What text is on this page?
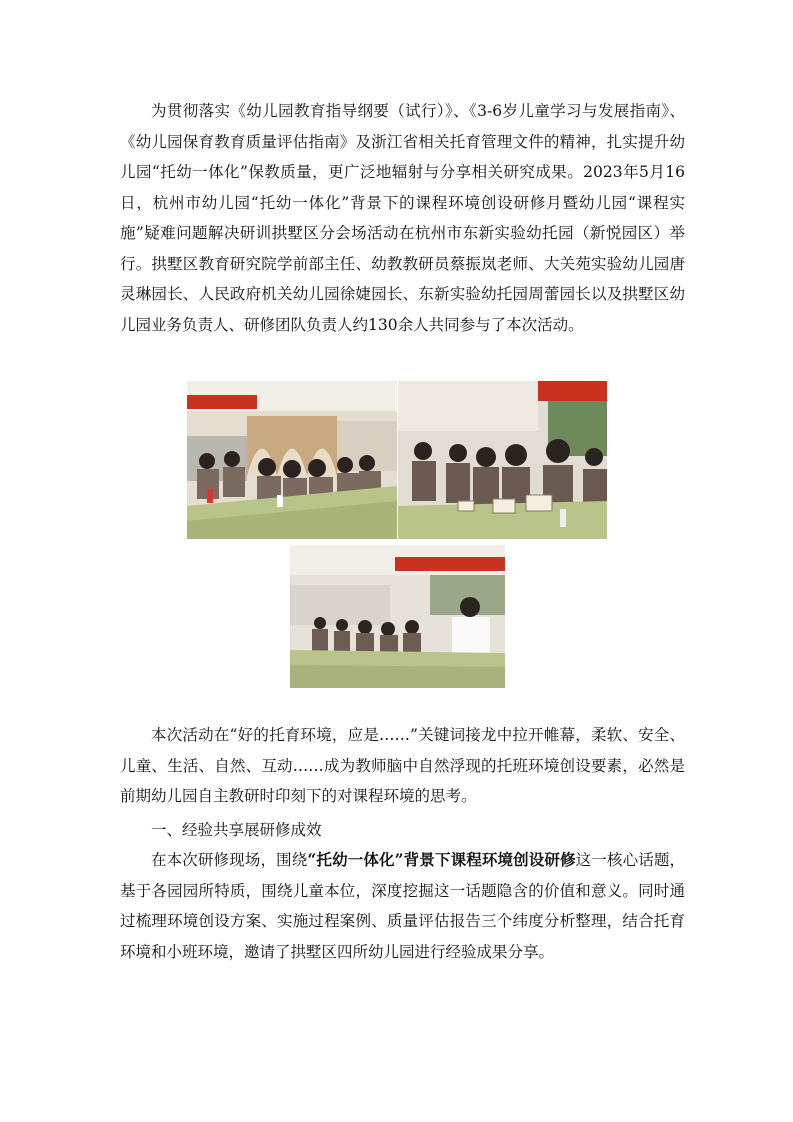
为贯彻落实《幼儿园教育指导纲要（试行）》、《3-6岁儿童学习与发展指南》、《幼儿园保育教育质量评估指南》及浙江省相关托育管理文件的精神，扎实提升幼儿园“托幼一体化”保教质量，更广泛地辐射与分享相关研究成果。2023年5月16日，杭州市幼儿园“托幼一体化”背景下的课程环境创设研修月暨幼儿园“课程实施”疑难问题解决研训拱墅区分会场活动在杭州市东新实验幼托园（新悦园区）举行。拱墅区教育研究院学前部主任、幼教教研员蔡振岚老师、大关苑实验幼儿园唐灵琳园长、人民政府机关幼儿园徐婕园长、东新实验幼托园周蕾园长以及拱墅区幼儿园业务负责人、研修团队负责人约130余人共同参与了本次活动。

本次活动在“好的托育环境，应是……”关键词接龙中拉开帷幕，柔软、安全、儿童、生活、自然、互动……成为教师脑中自然浮现的托班环境创设要素，必然是前期幼儿园自主教研时印刻下的对课程环境的思考。

一、经验共享展研修成效

在本次研修现场，围绕“托幼一体化”背景下课程环境创设研修这一核心话题，基于各园园所特质，围绕儿童本位，深度挖掘这一话题隐含的价值和意义。同时通过梳理环境创设方案、实施过程案例、质量评估报告三个纬度分析整理，结合托育环境和小班环境，邀请了拱墅区四所幼儿园进行经验成果分享。
